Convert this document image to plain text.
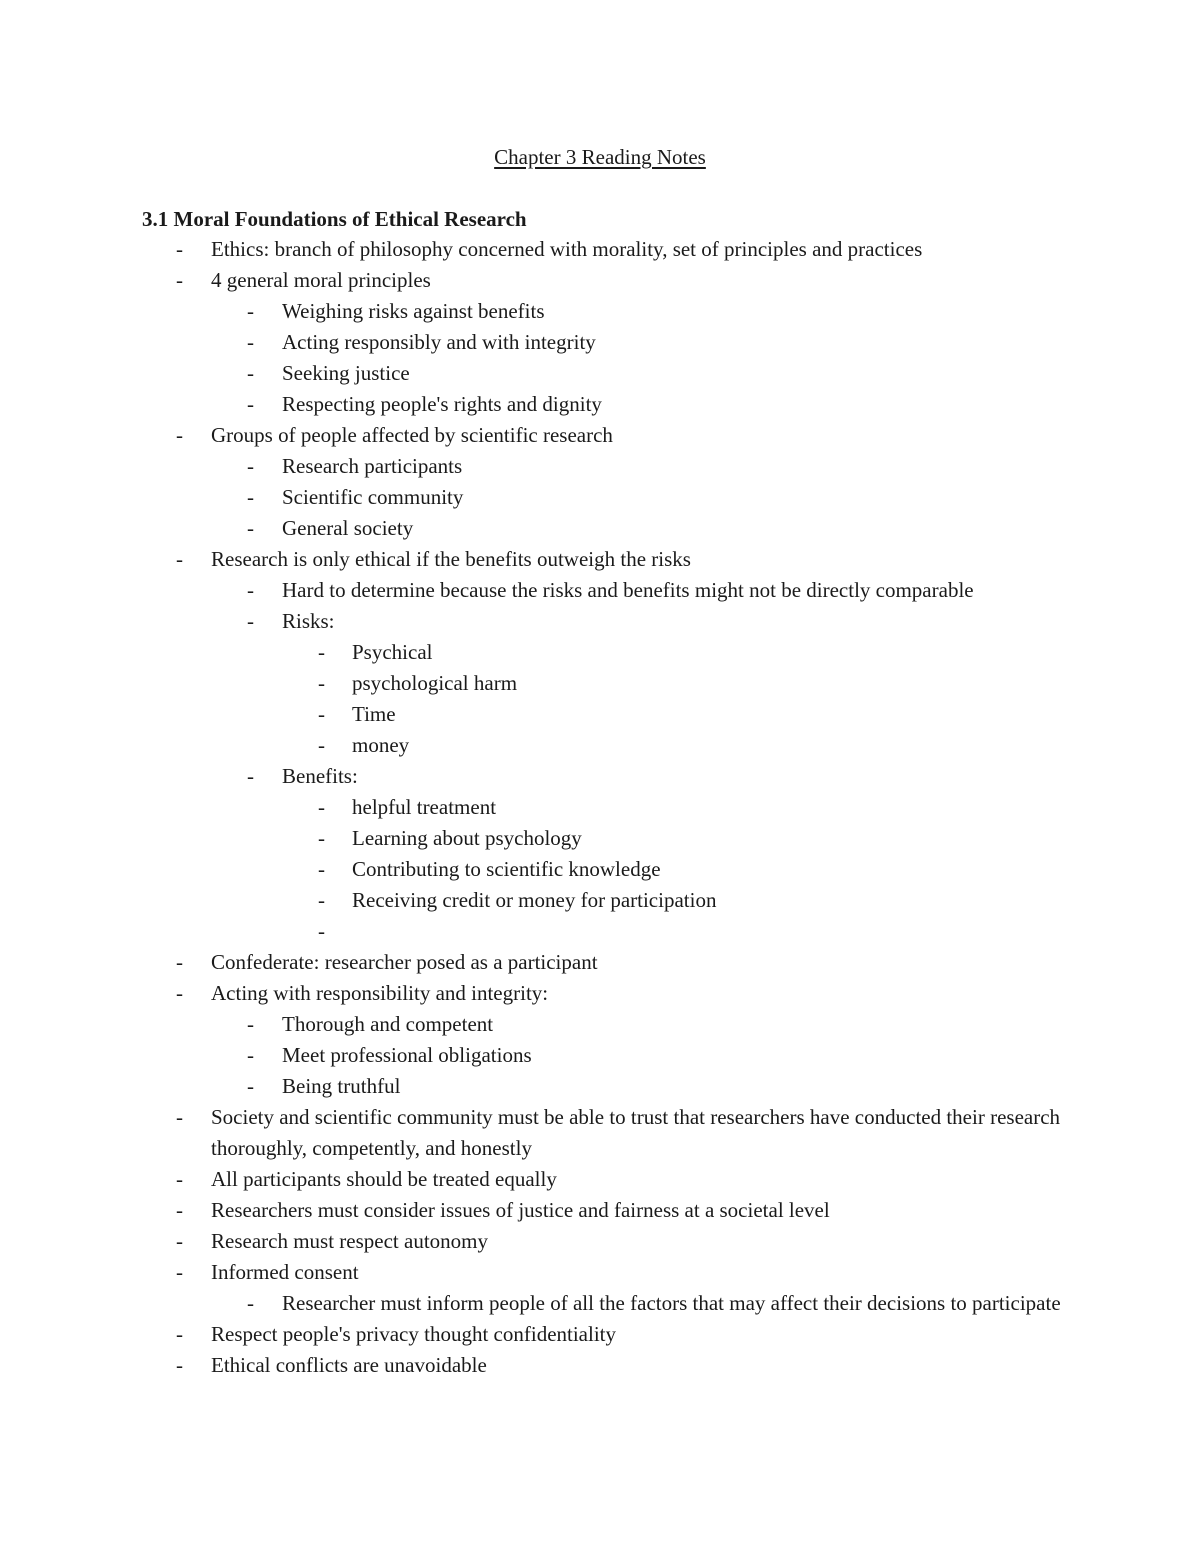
Chapter 3 Reading Notes

3.1 Moral Foundations of Ethical Research

- Ethics: branch of philosophy concerned with morality, set of principles and practices
- 4 general moral principles
- Weighing risks against benefits
- Acting responsibly and with integrity
- Seeking justice
- Respecting people's rights and dignity
- Groups of people affected by scientific research
- Research participants
- Scientific community
- General society
- Research is only ethical if the benefits outweigh the risks
- Hard to determine because the risks and benefits might not be directly comparable
- Risks:
- Psychical
- psychological harm
- Time
- money
- Benefits:
- helpful treatment
- Learning about psychology
- Contributing to scientific knowledge
- Receiving credit or money for participation
-

- Confederate: researcher posed as a participant
- Acting with responsibility and integrity:
- Thorough and competent
- Meet professional obligations
- Being truthful
- Society and scientific community must be able to trust that researchers have conducted their research thoroughly, competently, and honestly
- All participants should be treated equally
- Researchers must consider issues of justice and fairness at a societal level
- Research must respect autonomy
- Informed consent
- Researcher must inform people of all the factors that may affect their decisions to participate
- Respect people's privacy thought confidentiality
- Ethical conflicts are unavoidable
